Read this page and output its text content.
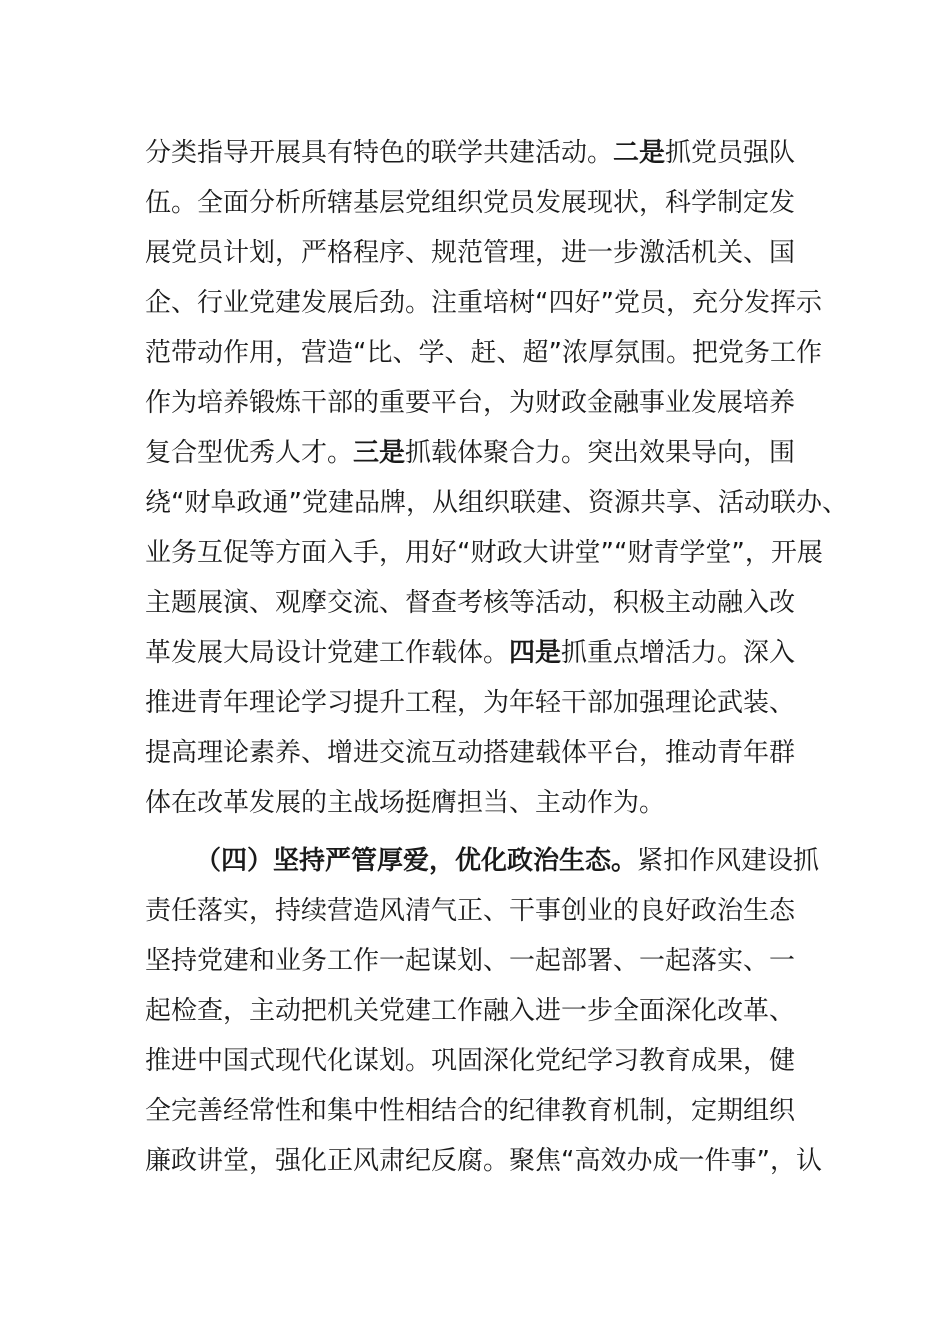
分类指导开展具有特色的联学共建活动。二是抓党员强队
伍。全面分析所辖基层党组织党员发展现状，科学制定发
展党员计划，严格程序、规范管理，进一步激活机关、国
企、行业党建发展后劲。注重培树“四好”党员，充分发挥示
范带动作用，营造“比、学、赶、超”浓厚氛围。把党务工作
作为培养锻炼干部的重要平台，为财政金融事业发展培养
复合型优秀人才。三是抓载体聚合力。突出效果导向，围
绕“财阜政通”党建品牌，从组织联建、资源共享、活动联办、
业务互促等方面入手，用好“财政大讲堂”“财青学堂”，开展
主题展演、观摩交流、督查考核等活动，积极主动融入改
革发展大局设计党建工作载体。四是抓重点增活力。深入
推进青年理论学习提升工程，为年轻干部加强理论武装、
提高理论素养、增进交流互动搭建载体平台，推动青年群
体在改革发展的主战场挺膺担当、主动作为。
（四）坚持严管厚爱，优化政治生态。紧扣作风建设抓
责任落实，持续营造风清气正、干事创业的良好政治生态
坚持党建和业务工作一起谋划、一起部署、一起落实、一
起检查，主动把机关党建工作融入进一步全面深化改革、
推进中国式现代化谋划。巩固深化党纪学习教育成果，健
全完善经常性和集中性相结合的纪律教育机制，定期组织
廉政讲堂，强化正风肃纪反腐。聚焦“高效办成一件事”，认
